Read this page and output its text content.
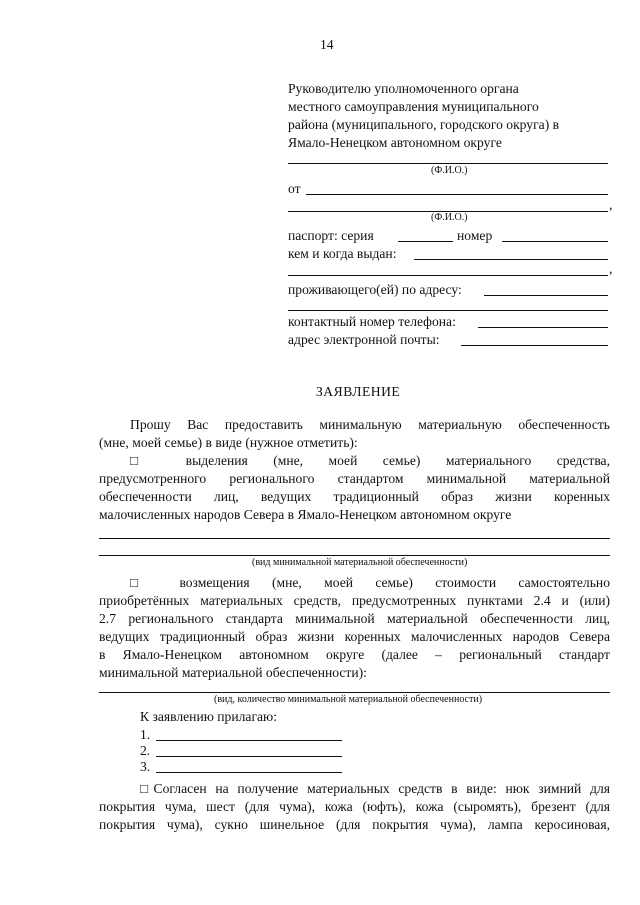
14
Руководителю уполномоченного органа
местного самоуправления муниципального
района (муниципального, городского округа) в
Ямало-Ненецком автономном округе
(Ф.И.О.)
от
,
(Ф.И.О.)
паспорт: серия	номер
кем и когда выдан:
,
проживающего(ей) по адресу:
контактный номер телефона:
адрес электронной почты:
ЗАЯВЛЕНИЕ
Прошу Вас предоставить минимальную материальную обеспеченность
(мне, моей семье) в виде (нужное отметить):
□ выделения (мне, моей семье) материального средства,
предусмотренного регионального стандартом минимальной материальной
обеспеченности лиц, ведущих традиционный образ жизни коренных
малочисленных народов Севера в Ямало-Ненецком автономном округе
(вид минимальной материальной обеспеченности)
□ возмещения (мне, моей семье) стоимости самостоятельно
приобретённых материальных средств, предусмотренных пунктами 2.4 и (или)
2.7 регионального стандарта минимальной материальной обеспеченности лиц,
ведущих традиционный образ жизни коренных малочисленных народов Севера
в Ямало-Ненецком автономном округе (далее – региональный стандарт
минимальной материальной обеспеченности):
(вид, количество минимальной материальной обеспеченности)
К заявлению прилагаю:
1.
2.
3.
□Согласен на получение материальных средств в виде: нюк зимний для
покрытия чума, шест (для чума), кожа (юфть), кожа (сыромять), брезент (для
покрытия чума), сукно шинельное (для покрытия чума), лампа керосиновая,
